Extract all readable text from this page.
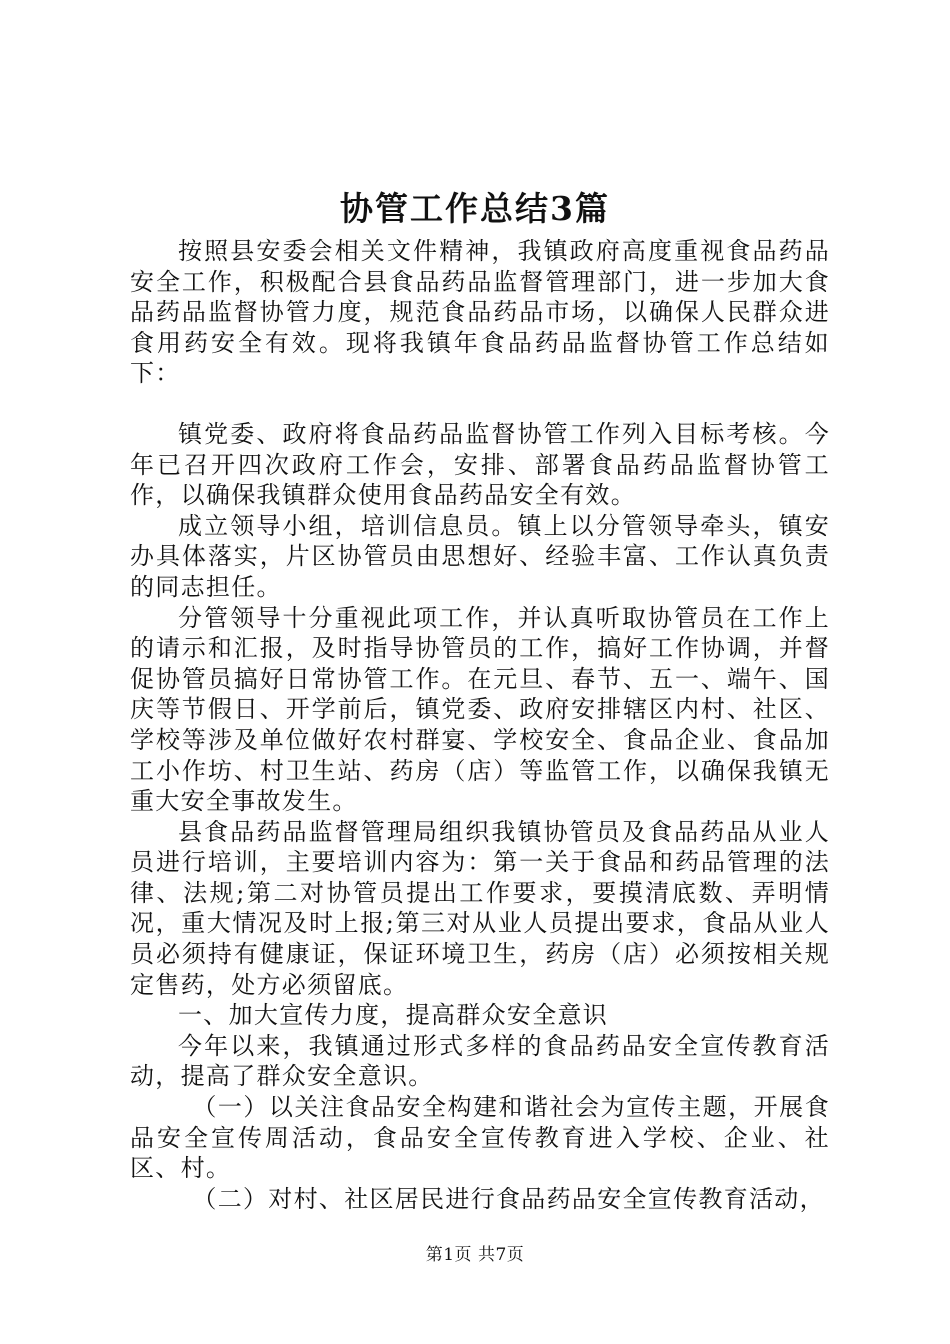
协管工作总结3篇

按照县安委会相关文件精神，我镇政府高度重视食品药品安全工作，积极配合县食品药品监督管理部门，进一步加大食品药品监督协管力度，规范食品药品市场，以确保人民群众进食用药安全有效。现将我镇年食品药品监督协管工作总结如下：

镇党委、政府将食品药品监督协管工作列入目标考核。今年已召开四次政府工作会，安排、部署食品药品监督协管工作，以确保我镇群众使用食品药品安全有效。

成立领导小组，培训信息员。镇上以分管领导牵头，镇安办具体落实，片区协管员由思想好、经验丰富、工作认真负责的同志担任。

分管领导十分重视此项工作，并认真听取协管员在工作上的请示和汇报，及时指导协管员的工作，搞好工作协调，并督促协管员搞好日常协管工作。在元旦、春节、五一、端午、国庆等节假日、开学前后，镇党委、政府安排辖区内村、社区、学校等涉及单位做好农村群宴、学校安全、食品企业、食品加工小作坊、村卫生站、药房（店）等监管工作，以确保我镇无重大安全事故发生。

县食品药品监督管理局组织我镇协管员及食品药品从业人员进行培训，主要培训内容为：第一关于食品和药品管理的法律、法规;第二对协管员提出工作要求，要摸清底数、弄明情况，重大情况及时上报;第三对从业人员提出要求，食品从业人员必须持有健康证，保证环境卫生，药房（店）必须按相关规定售药，处方必须留底。

一、加大宣传力度，提高群众安全意识

今年以来，我镇通过形式多样的食品药品安全宣传教育活动，提高了群众安全意识。

（一）以关注食品安全构建和谐社会为宣传主题，开展食品安全宣传周活动，食品安全宣传教育进入学校、企业、社区、村。

（二）对村、社区居民进行食品药品安全宣传教育活动，

第1页 共7页
